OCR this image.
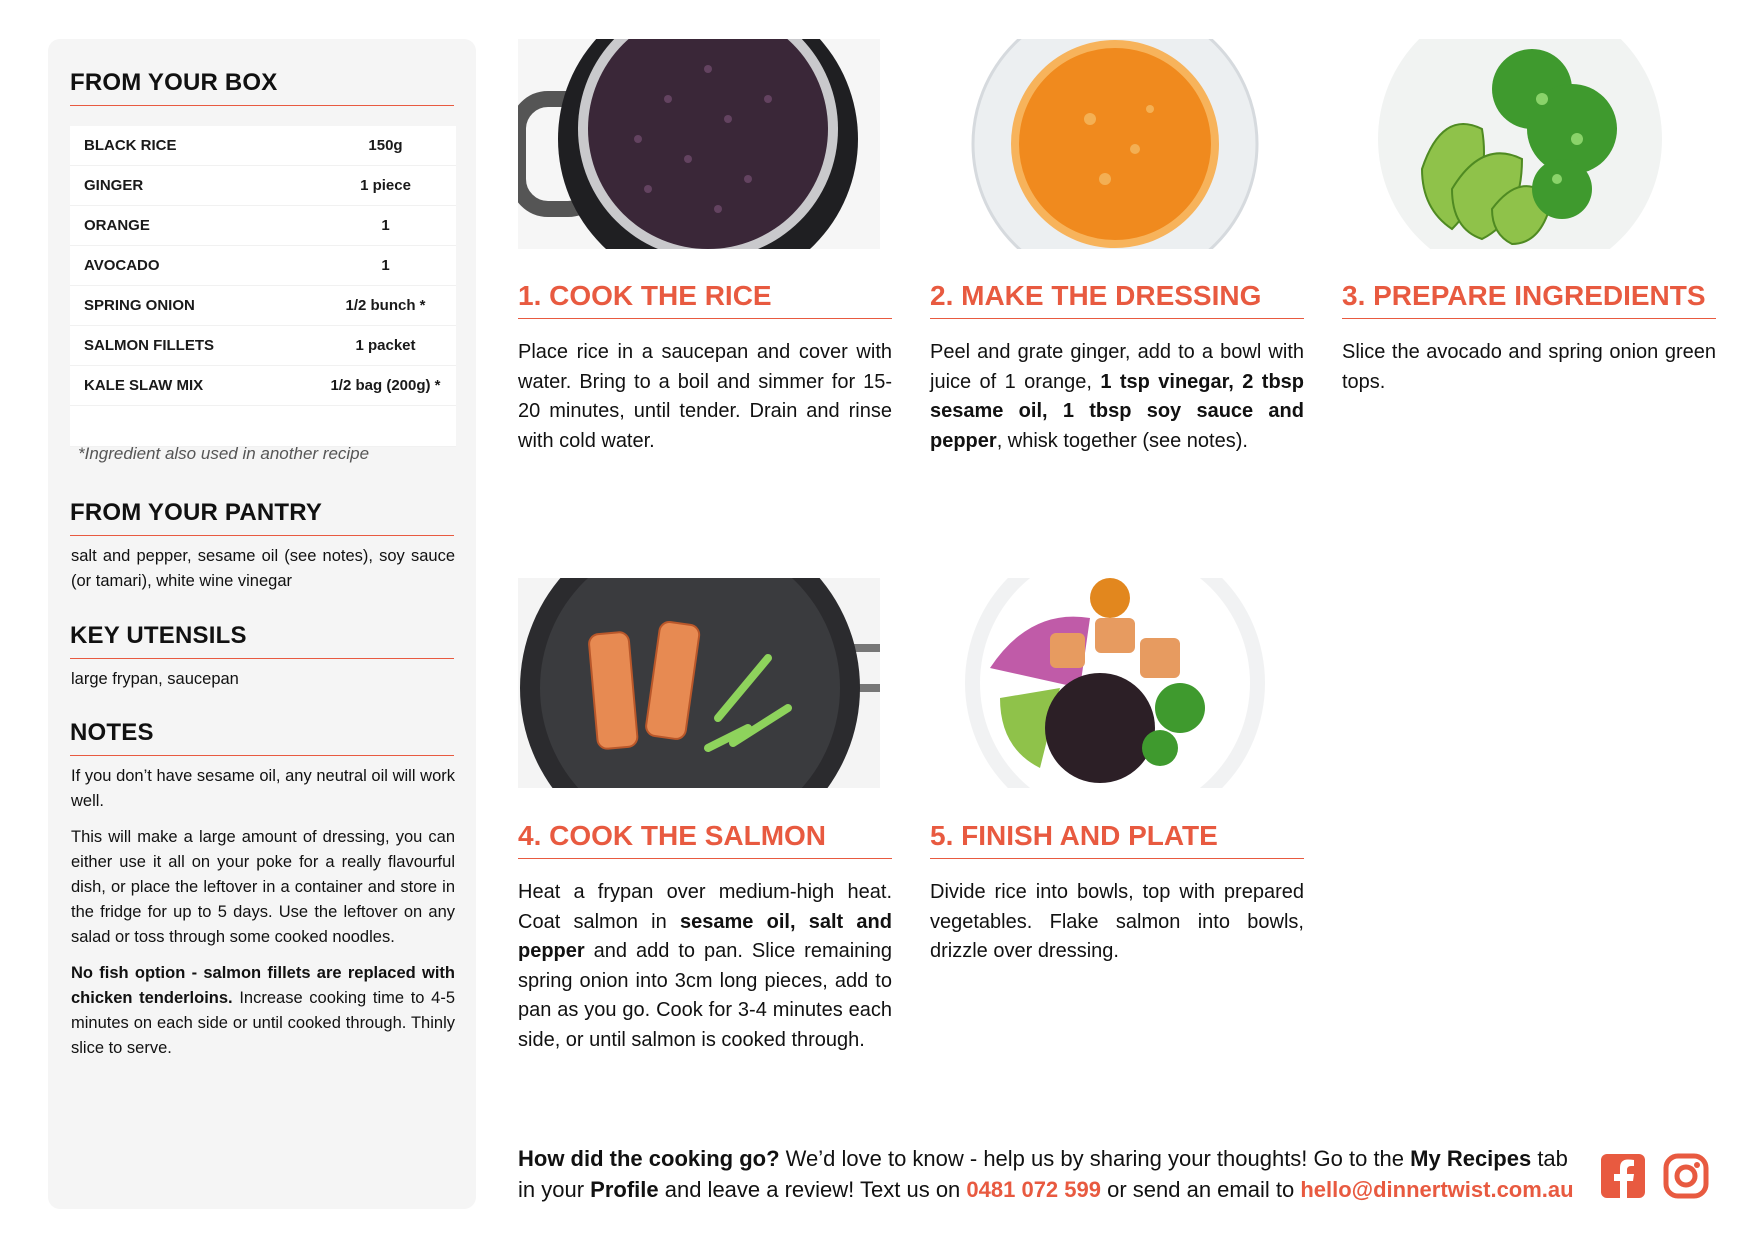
FROM YOUR BOX
BLACK RICE	150g
GINGER	1 piece
ORANGE	1
AVOCADO	1
SPRING ONION	1/2 bunch *
SALMON FILLETS	1 packet
KALE SLAW MIX	1/2 bag (200g) *

*Ingredient also used in another recipe
FROM YOUR PANTRY
salt and pepper, sesame oil (see notes), soy sauce (or tamari), white wine vinegar
KEY UTENSILS
large frypan, saucepan
NOTES

If you don’t have sesame oil, any neutral oil will work well.

This will make a large amount of dressing, you can either use it all on your poke for a really flavourful dish, or place the leftover in a container and store in the fridge for up to 5 days. Use the leftover on any salad or toss through some cooked noodles.

No fish option - salmon fillets are replaced with chicken tenderloins. Increase cooking time to 4-5 minutes on each side or until cooked through. Thinly slice to serve.

1. COOK THE RICE
Place rice in a saucepan and cover with water. Bring to a boil and simmer for 15-20 minutes, until tender. Drain and rinse with cold water.
2. MAKE THE DRESSING
Peel and grate ginger, add to a bowl with juice of 1 orange, 1 tsp vinegar, 2 tbsp sesame oil, 1 tbsp soy sauce and pepper, whisk together (see notes).
3. PREPARE INGREDIENTS
Slice the avocado and spring onion green tops.
4. COOK THE SALMON
Heat a frypan over medium-high heat. Coat salmon in sesame oil, salt and pepper and add to pan. Slice remaining spring onion into 3cm long pieces, add to pan as you go. Cook for 3-4 minutes each side, or until salmon is cooked through.
5. FINISH AND PLATE
Divide rice into bowls, top with prepared vegetables. Flake salmon into bowls, drizzle over dressing.
How did the cooking go? We’d love to know - help us by sharing your thoughts! Go to the My Recipes tab in your Profile and leave a review! Text us on 0481 072 599 or send an email to hello@dinnertwist.com.au
